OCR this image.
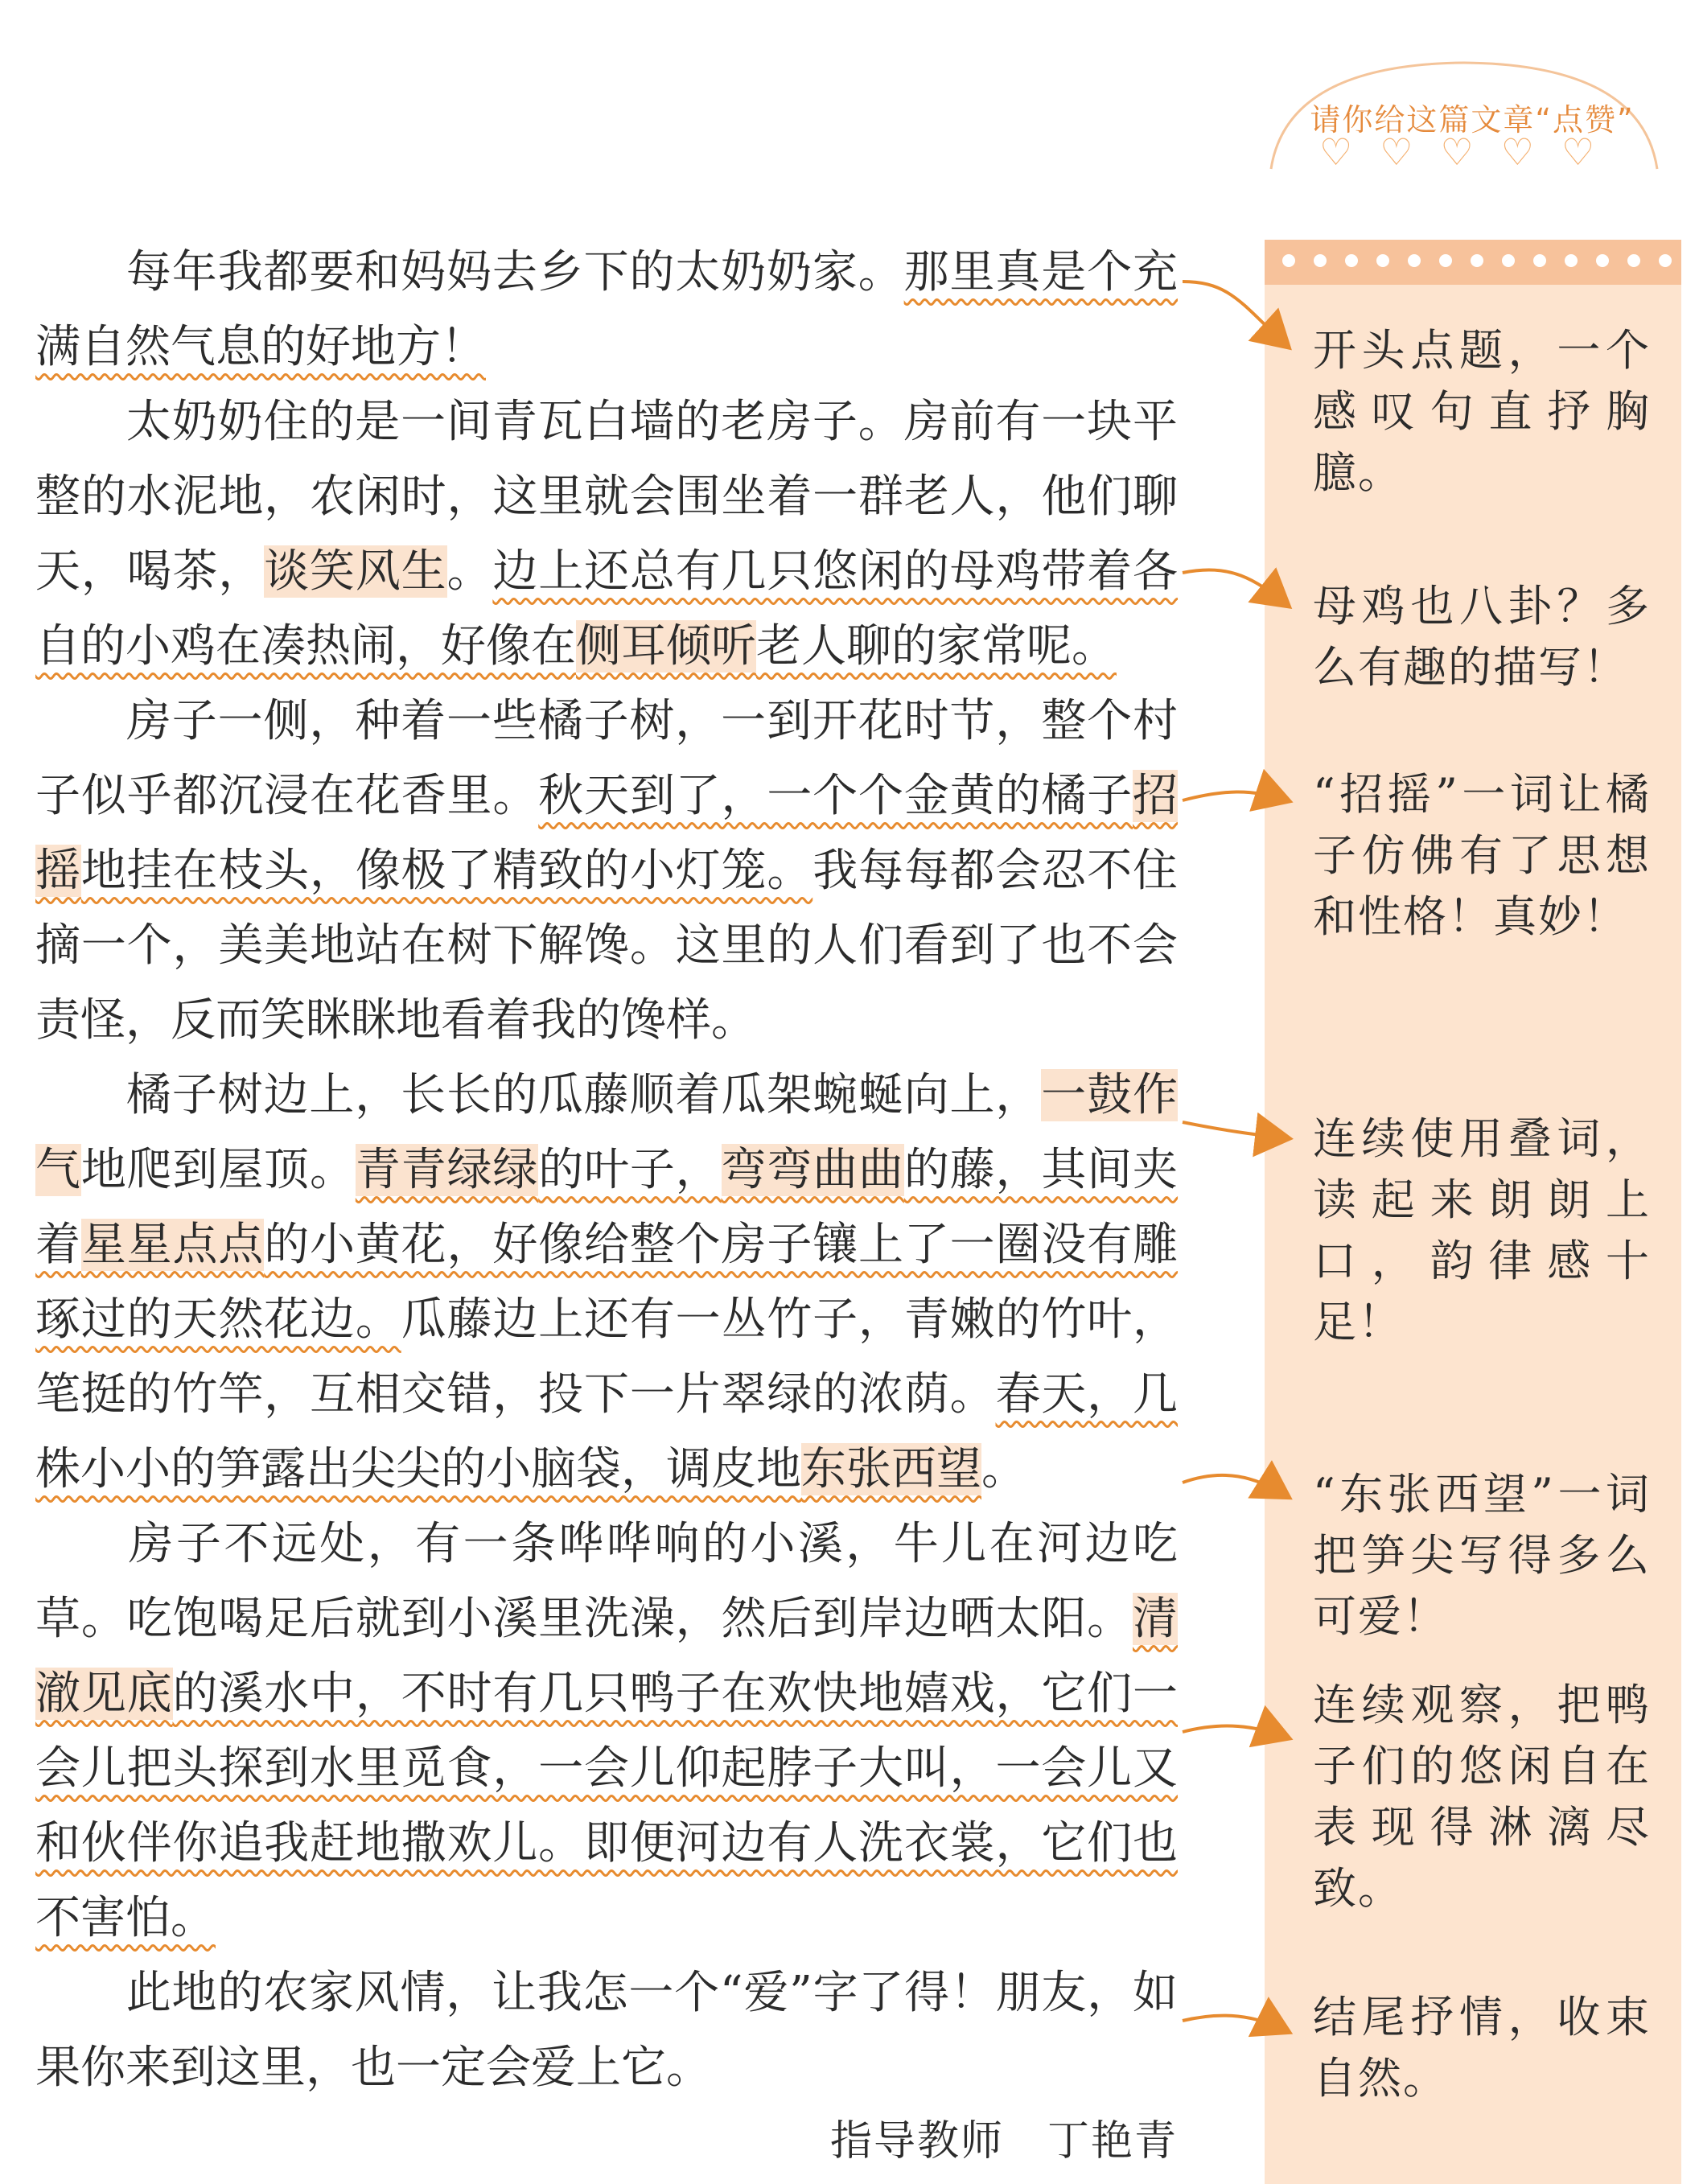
请你给这篇文章“点赞”
♡ ♡ ♡ ♡ ♡
开头点题，一个感叹句直抒胸臆。
母鸡也八卦？多么有趣的描写！
“招摇”一词让橘子仿佛有了思想和性格！真妙！
连续使用叠词，读起来朗朗上口，韵律感十足！
“东张西望”一词把笋尖写得多么可爱！
连续观察，把鸭子们的悠闲自在表现得淋漓尽致。
结尾抒情，收束自然。

每年我都要和妈妈去乡下的太奶奶家。那里真是个充满自然气息的好地方！

太奶奶住的是一间青瓦白墙的老房子。房前有一块平整的水泥地，农闲时，这里就会围坐着一群老人，他们聊天，喝茶，谈笑风生。边上还总有几只悠闲的母鸡带着各自的小鸡在凑热闹，好像在侧耳倾听老人聊的家常呢。

房子一侧，种着一些橘子树，一到开花时节，整个村子似乎都沉浸在花香里。秋天到了，一个个金黄的橘子招摇地挂在枝头，像极了精致的小灯笼。我每每都会忍不住摘一个，美美地站在树下解馋。这里的人们看到了也不会责怪，反而笑眯眯地看着我的馋样。

橘子树边上，长长的瓜藤顺着瓜架蜿蜒向上，一鼓作气地爬到屋顶。青青绿绿的叶子，弯弯曲曲的藤，其间夹着星星点点的小黄花，好像给整个房子镶上了一圈没有雕琢过的天然花边。瓜藤边上还有一丛竹子，青嫩的竹叶，笔挺的竹竿，互相交错，投下一片翠绿的浓荫。春天，几株小小的笋露出尖尖的小脑袋，调皮地东张西望。

房子不远处，有一条哗哗响的小溪，牛儿在河边吃草。吃饱喝足后就到小溪里洗澡，然后到岸边晒太阳。清澈见底的溪水中，不时有几只鸭子在欢快地嬉戏，它们一会儿把头探到水里觅食，一会儿仰起脖子大叫，一会儿又和伙伴你追我赶地撒欢儿。即便河边有人洗衣裳，它们也不害怕。

此地的农家风情，让我怎一个“爱”字了得！朋友，如果你来到这里，也一定会爱上它。

指导教师　丁艳青
